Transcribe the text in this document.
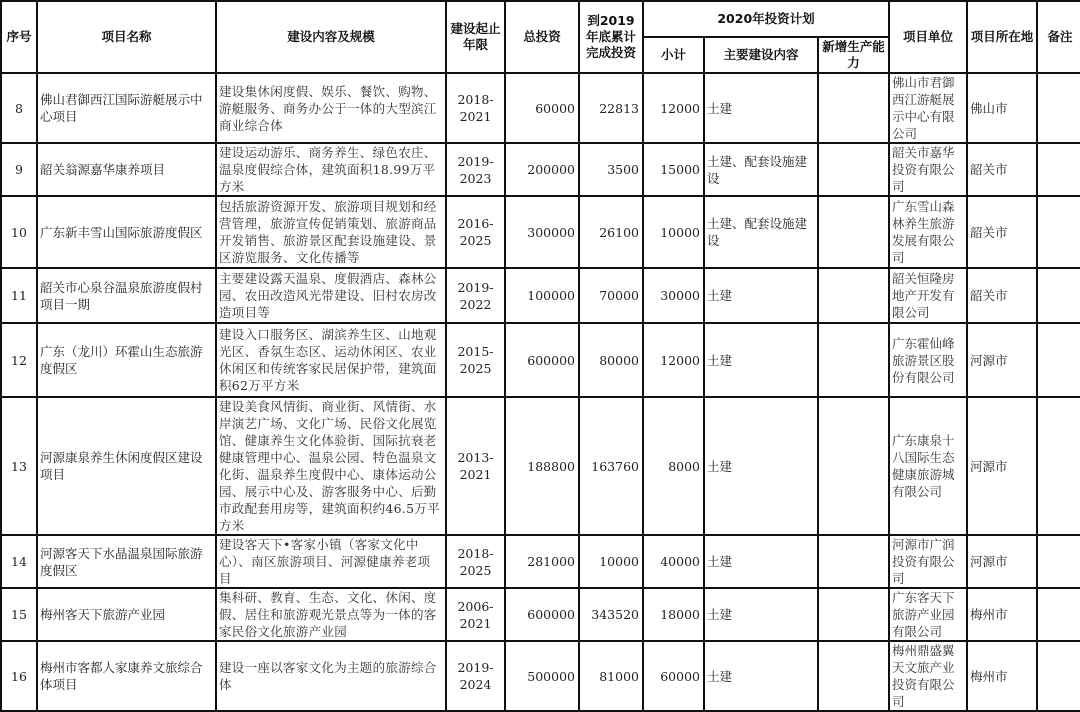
序号	项目名称	建设内容及规模	建设起止年限	总投资	到2019年底累计完成投资	2020年投资计划			项目单位	项目所在地	备注
						小计	主要建设内容	新增生产能力			
8	佛山君御西江国际游艇展示中心项目	建设集休闲度假、娱乐、餐饮、购物、游艇服务、商务办公于一体的大型滨江商业综合体	2018-2021	60000	22813	12000	土建		佛山市君御西江游艇展示中心有限公司	佛山市	
9	韶关翁源嘉华康养项目	建设运动游乐、商务养生、绿色农庄、温泉度假综合体，建筑面积18.99万平方米	2019-2023	200000	3500	15000	土建、配套设施建设		韶关市嘉华投资有限公司	韶关市	
10	广东新丰雪山国际旅游度假区	包括旅游资源开发、旅游项目规划和经营管理，旅游宣传促销策划、旅游商品开发销售、旅游景区配套设施建设、景区游览服务、文化传播等	2016-2025	300000	26100	10000	土建、配套设施建设		广东雪山森林养生旅游发展有限公司	韶关市	
11	韶关市心泉谷温泉旅游度假村项目一期	主要建设露天温泉、度假酒店、森林公园、农田改造风光带建设、旧村农房改造项目等	2019-2022	100000	70000	30000	土建		韶关恒隆房地产开发有限公司	韶关市	
12	广东（龙川）环霍山生态旅游度假区	建设入口服务区、湖滨养生区、山地观光区、香氛生态区、运动休闲区、农业休闲区和传统客家民居保护带，建筑面积62万平方米	2015-2025	600000	80000	12000	土建		广东霍仙峰旅游景区股份有限公司	河源市	
13	河源康泉养生休闲度假区建设项目	建设美食风情街、商业街、风情街、水岸演艺广场、文化广场、民俗文化展览馆、健康养生文化体验街、国际抗衰老健康管理中心、温泉公园、特色温泉文化街、温泉养生度假中心、康体运动公园、展示中心及、游客服务中心、后勤市政配套用房等，建筑面积约46.5万平方米	2013-2021	188800	163760	8000	土建		广东康泉十八国际生态健康旅游城有限公司	河源市	
14	河源客天下水晶温泉国际旅游度假区	建设客天下•客家小镇（客家文化中心）、南区旅游项目、河源健康养老项目	2018-2025	281000	10000	40000	土建		河源市广润投资有限公司	河源市	
15	梅州客天下旅游产业园	集科研、教育、生态、文化、休闲、度假、居住和旅游观光景点等为一体的客家民俗文化旅游产业园	2006-2021	600000	343520	18000	土建		广东客天下旅游产业园有限公司	梅州市	
16	梅州市客都人家康养文旅综合体项目	建设一座以客家文化为主题的旅游综合体	2019-2024	500000	81000	60000	土建		梅州鼎盛翼天文旅产业投资有限公司	梅州市	
